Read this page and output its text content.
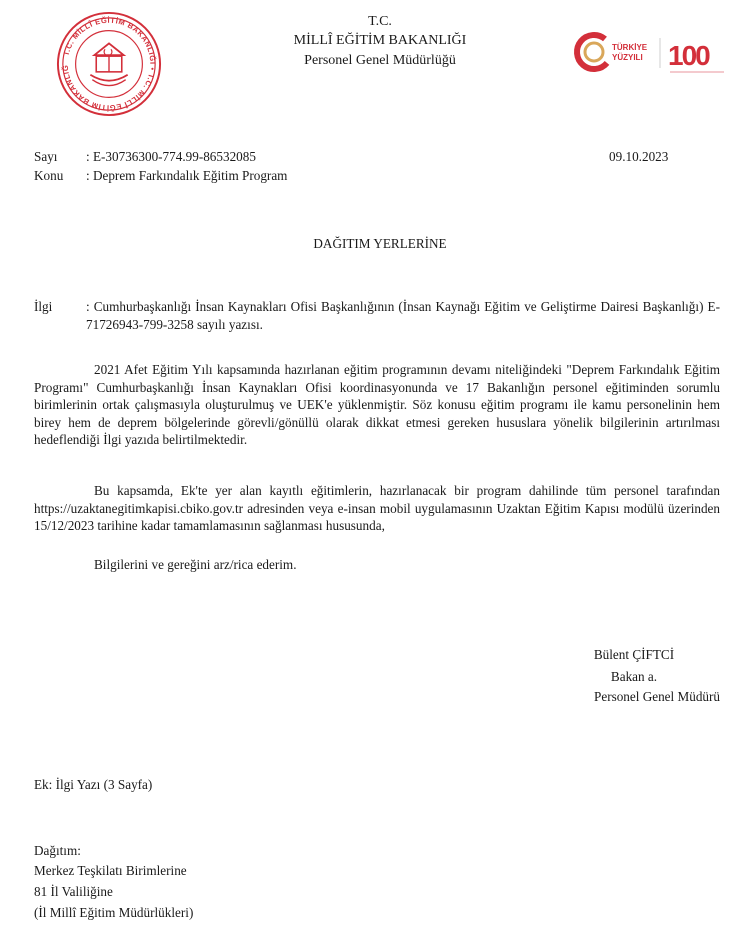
T.C. MİLLÎ EĞİTİM BAKANLIĞI • T.C. MİLLÎ EĞİTİM BAKANLIĞ
T.C.
MİLLÎ EĞİTİM BAKANLIĞI
Personel Genel Müdürlüğü
TÜRKİYE
YÜZYILI 100
Sayı : E-30736300-774.99-86532085	09.10.2023
Konu : Deprem Farkındalık Eğitim Program
DAĞITIM YERLERİNE
İlgi	: Cumhurbaşkanlığı İnsan Kaynakları Ofisi Başkanlığının (İnsan Kaynağı Eğitim ve Geliştirme Dairesi Başkanlığı) E-71726943-799-3258 sayılı yazısı.
2021 Afet Eğitim Yılı kapsamında hazırlanan eğitim programının devamı niteliğindeki "Deprem Farkındalık Eğitim Programı" Cumhurbaşkanlığı İnsan Kaynakları Ofisi koordinasyonunda ve 17 Bakanlığın personel eğitiminden sorumlu birimlerinin ortak çalışmasıyla oluşturulmuş ve UEK'e yüklenmiştir. Söz konusu eğitim programı ile kamu personelinin hem birey hem de deprem bölgelerinde görevli/gönüllü olarak dikkat etmesi gereken hususlara yönelik bilgilerinin artırılması hedeflendiği İlgi yazıda belirtilmektedir.
Bu kapsamda, Ek'te yer alan kayıtlı eğitimlerin, hazırlanacak bir program dahilinde tüm personel tarafından https://uzaktanegitimkapisi.cbiko.gov.tr adresinden veya e-insan mobil uygulamasının Uzaktan Eğitim Kapısı modülü üzerinden 15/12/2023 tarihine kadar tamamlamasının sağlanması hususunda,
Bilgilerini ve gereğini arz/rica ederim.
Bülent ÇİFTCİ
Bakan a.
Personel Genel Müdürü
Ek: İlgi Yazı (3 Sayfa)
Dağıtım:
Merkez Teşkilatı Birimlerine
81 İl Valiliğine
(İl Millî Eğitim Müdürlükleri)
